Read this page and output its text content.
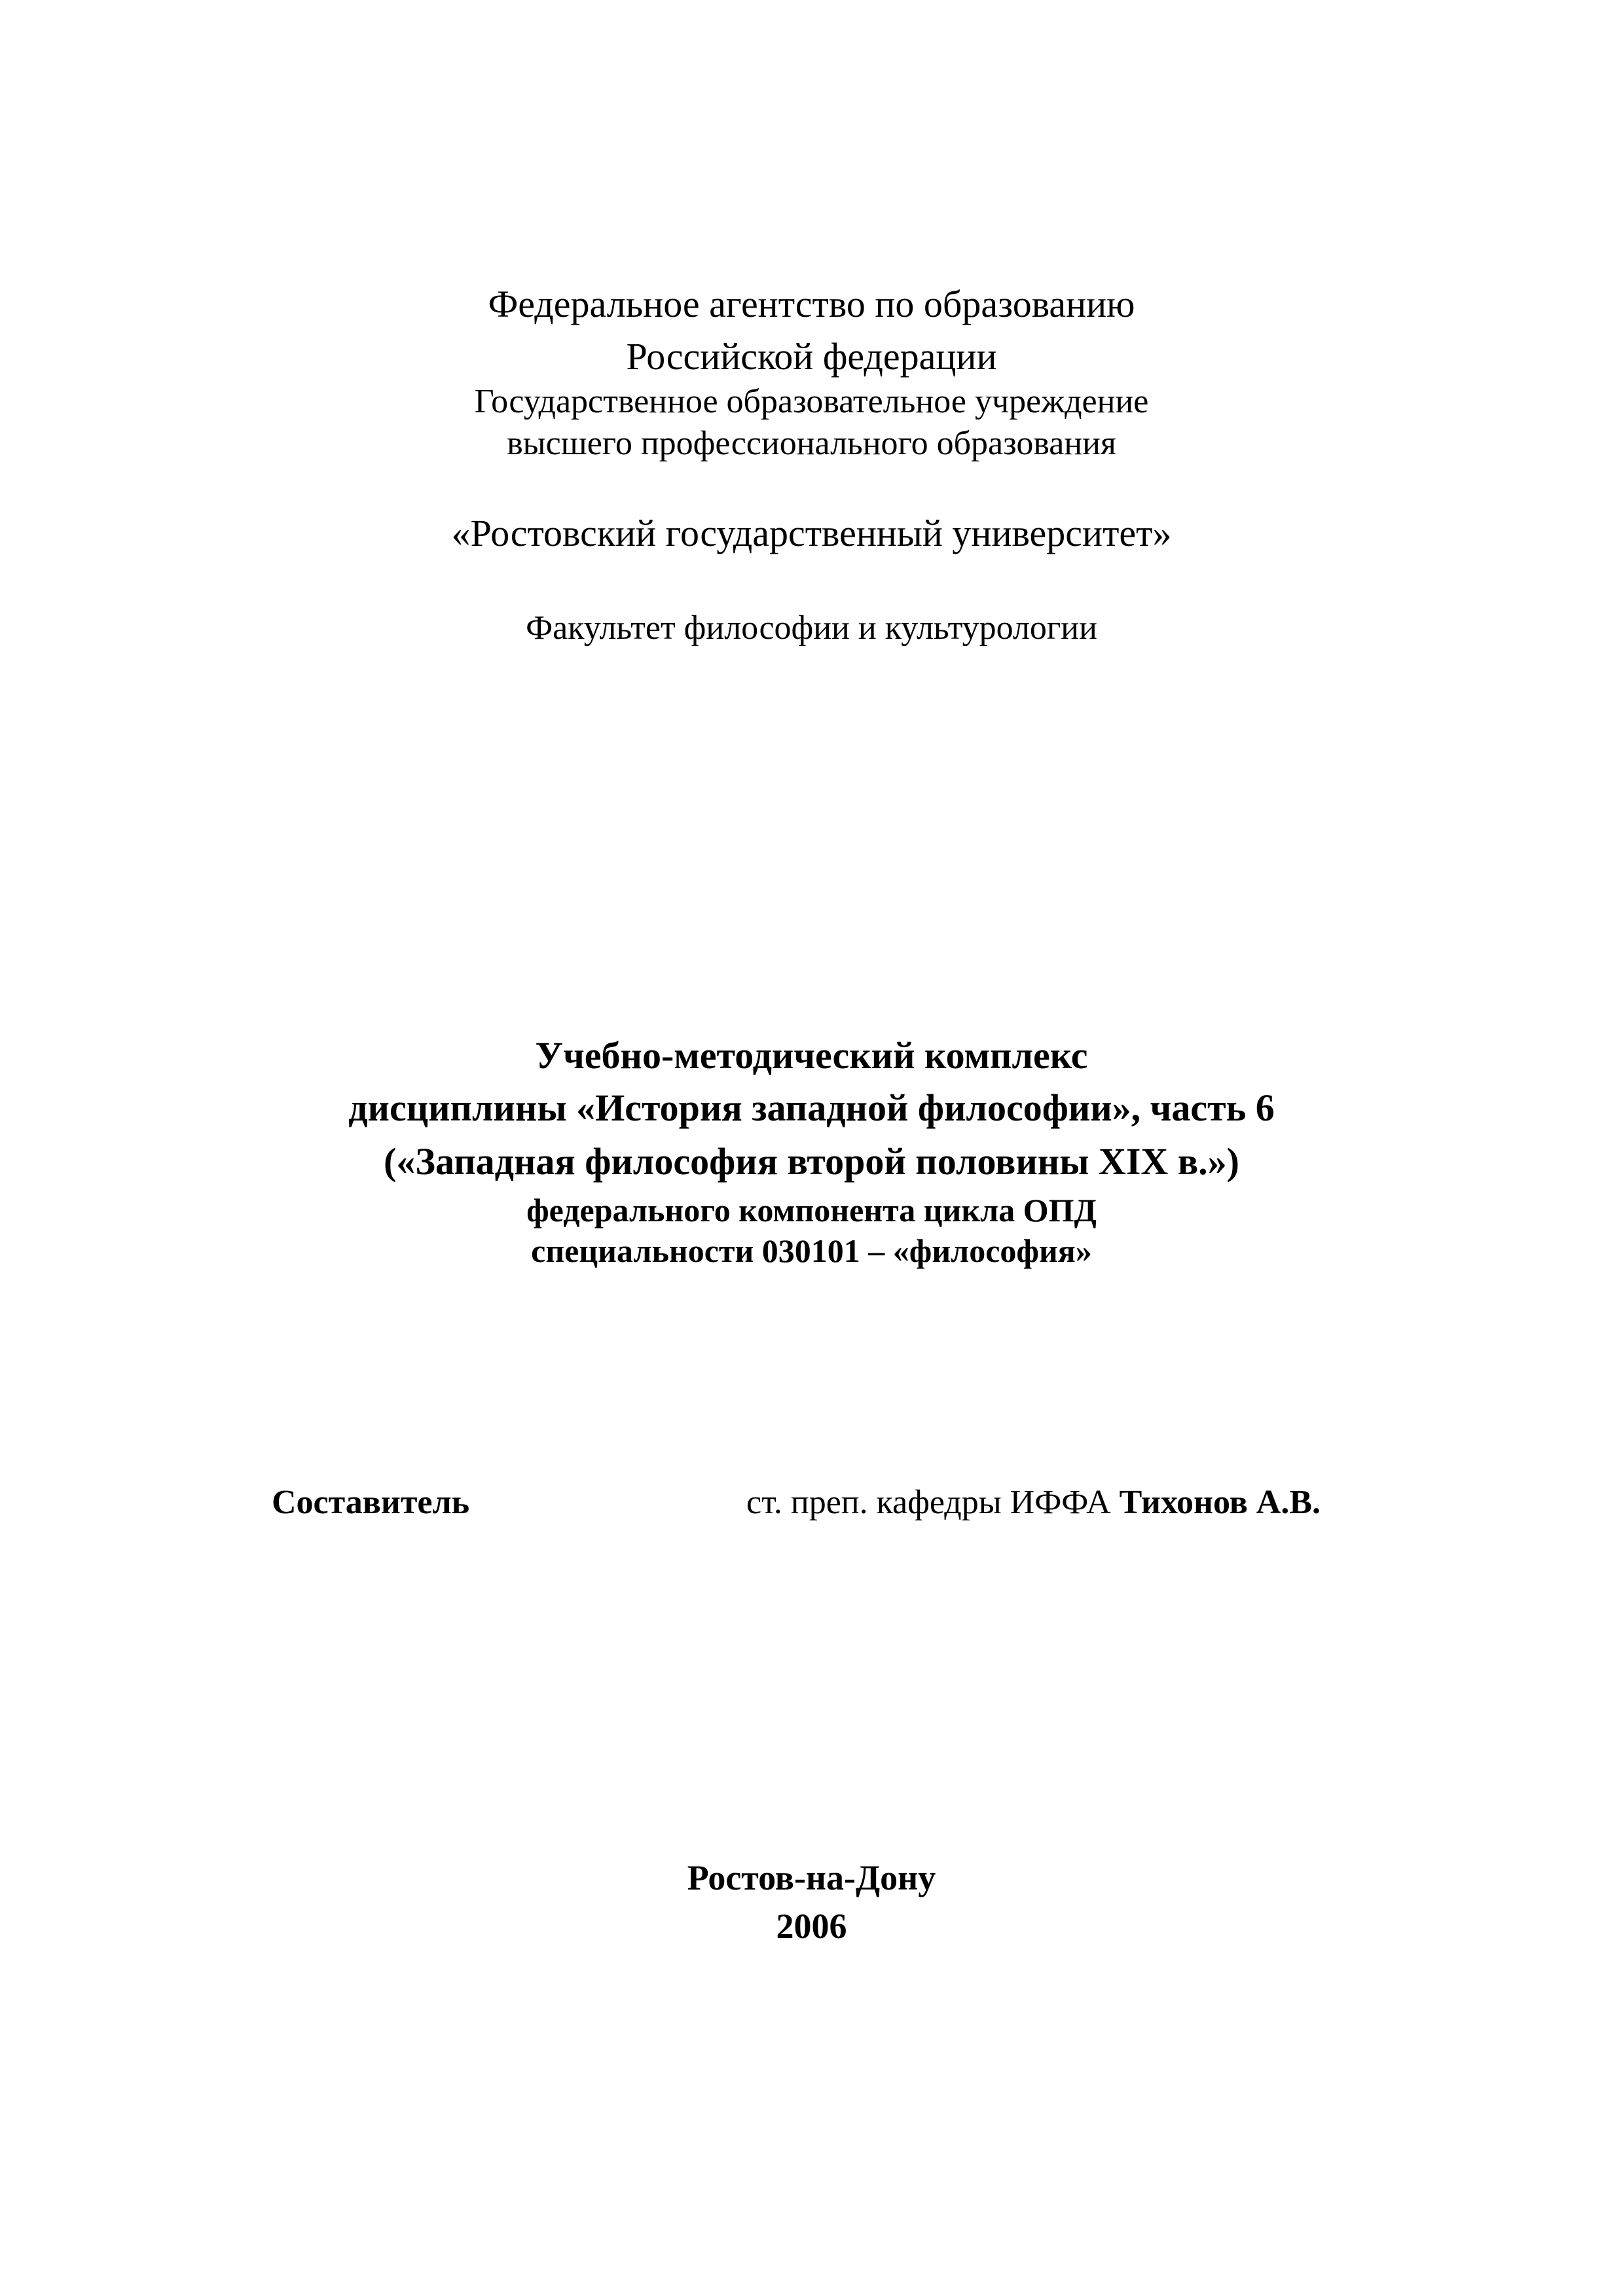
Федеральное агентство по образованию
Российской федерации
Государственное образовательное учреждение
высшего профессионального образования
«Ростовский государственный университет»
Факультет философии и культурологии
Учебно-методический комплекс
дисциплины «История западной философии», часть 6
(«Западная философия второй половины XIX в.»)
федерального компонента цикла ОПД
специальности 030101 – «философия»
Составитель	ст. преп. кафедры ИФФА Тихонов А.В.
Ростов-на-Дону
2006
